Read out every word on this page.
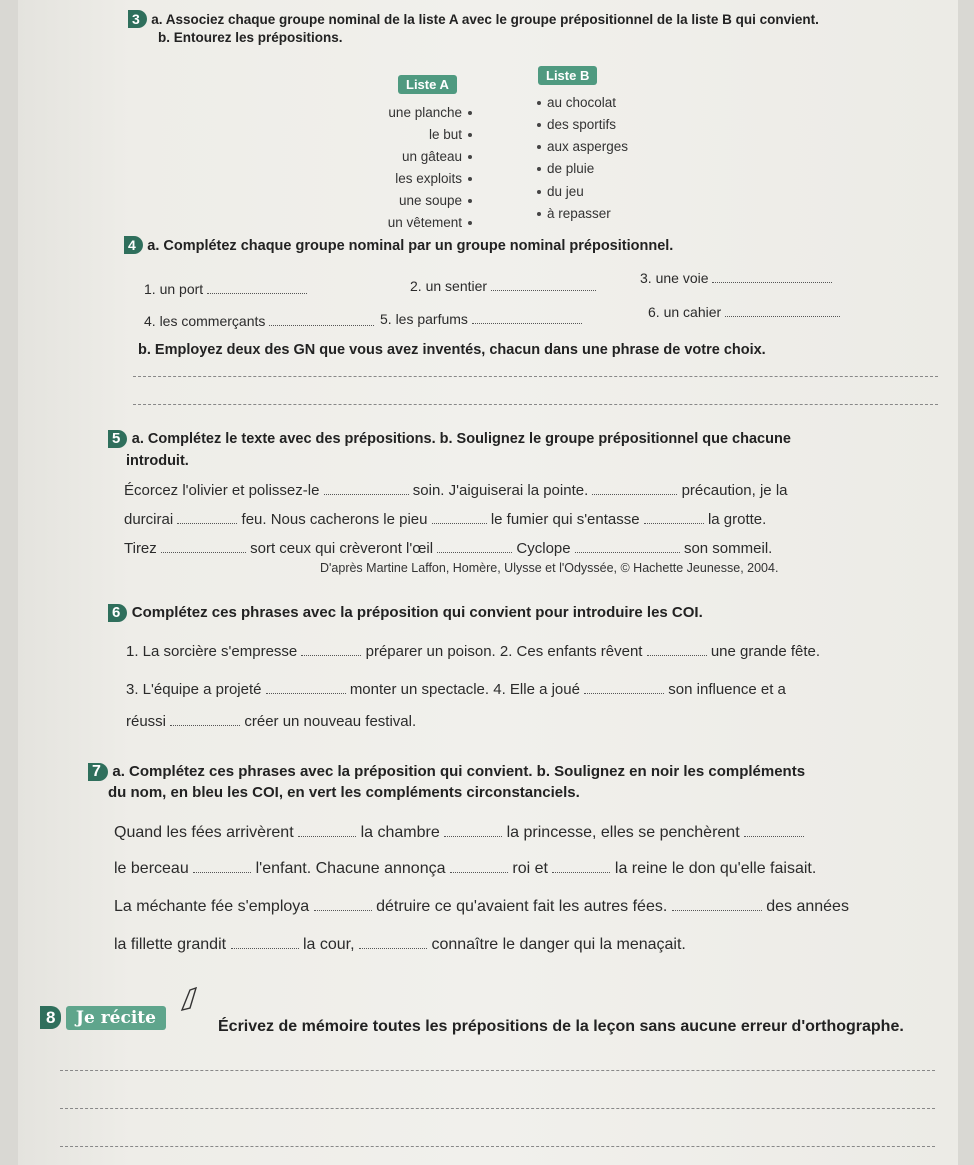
3 a. Associez chaque groupe nominal de la liste A avec le groupe prépositionnel de la liste B qui convient.
b. Entourez les prépositions.
Liste A
Liste B
une planche
le but
un gâteau
les exploits
une soupe
un vêtement
au chocolat
des sportifs
aux asperges
de pluie
du jeu
à repasser
4 a. Complétez chaque groupe nominal par un groupe nominal prépositionnel.
1. un port	2. un sentier	3. une voie
4. les commerçants	5. les parfums	6. un cahier
b. Employez deux des GN que vous avez inventés, chacun dans une phrase de votre choix.
5 a. Complétez le texte avec des prépositions. b. Soulignez le groupe prépositionnel que chacune
introduit.
Écorcez l'olivier et polissez-le	soin. J'aiguiserai la pointe.	précaution, je la
durcirai	feu. Nous cacherons le pieu	le fumier qui s'entasse	la grotte.
Tirez	sort ceux qui crèveront l'œil	Cyclope	son sommeil.
D'après Martine Laffon, Homère, Ulysse et l'Odyssée, © Hachette Jeunesse, 2004.
6 Complétez ces phrases avec la préposition qui convient pour introduire les COI.
1. La sorcière s'empresse	préparer un poison. 2. Ces enfants rêvent	une grande fête.
3. L'équipe a projeté	monter un spectacle. 4. Elle a joué	son influence et a
réussi	créer un nouveau festival.
7 a. Complétez ces phrases avec la préposition qui convient. b. Soulignez en noir les compléments
du nom, en bleu les COI, en vert les compléments circonstanciels.
Quand les fées arrivèrent	la chambre	la princesse, elles se penchèrent
le berceau	l'enfant. Chacune annonça	roi et	la reine le don qu'elle faisait.
La méchante fée s'employa	détruire ce qu'avaient fait les autres fées.	des années
la fillette grandit	la cour,	connaître le danger qui la menaçait.
8 Je récite	Écrivez de mémoire toutes les prépositions de la leçon sans aucune erreur d'orthographe.
